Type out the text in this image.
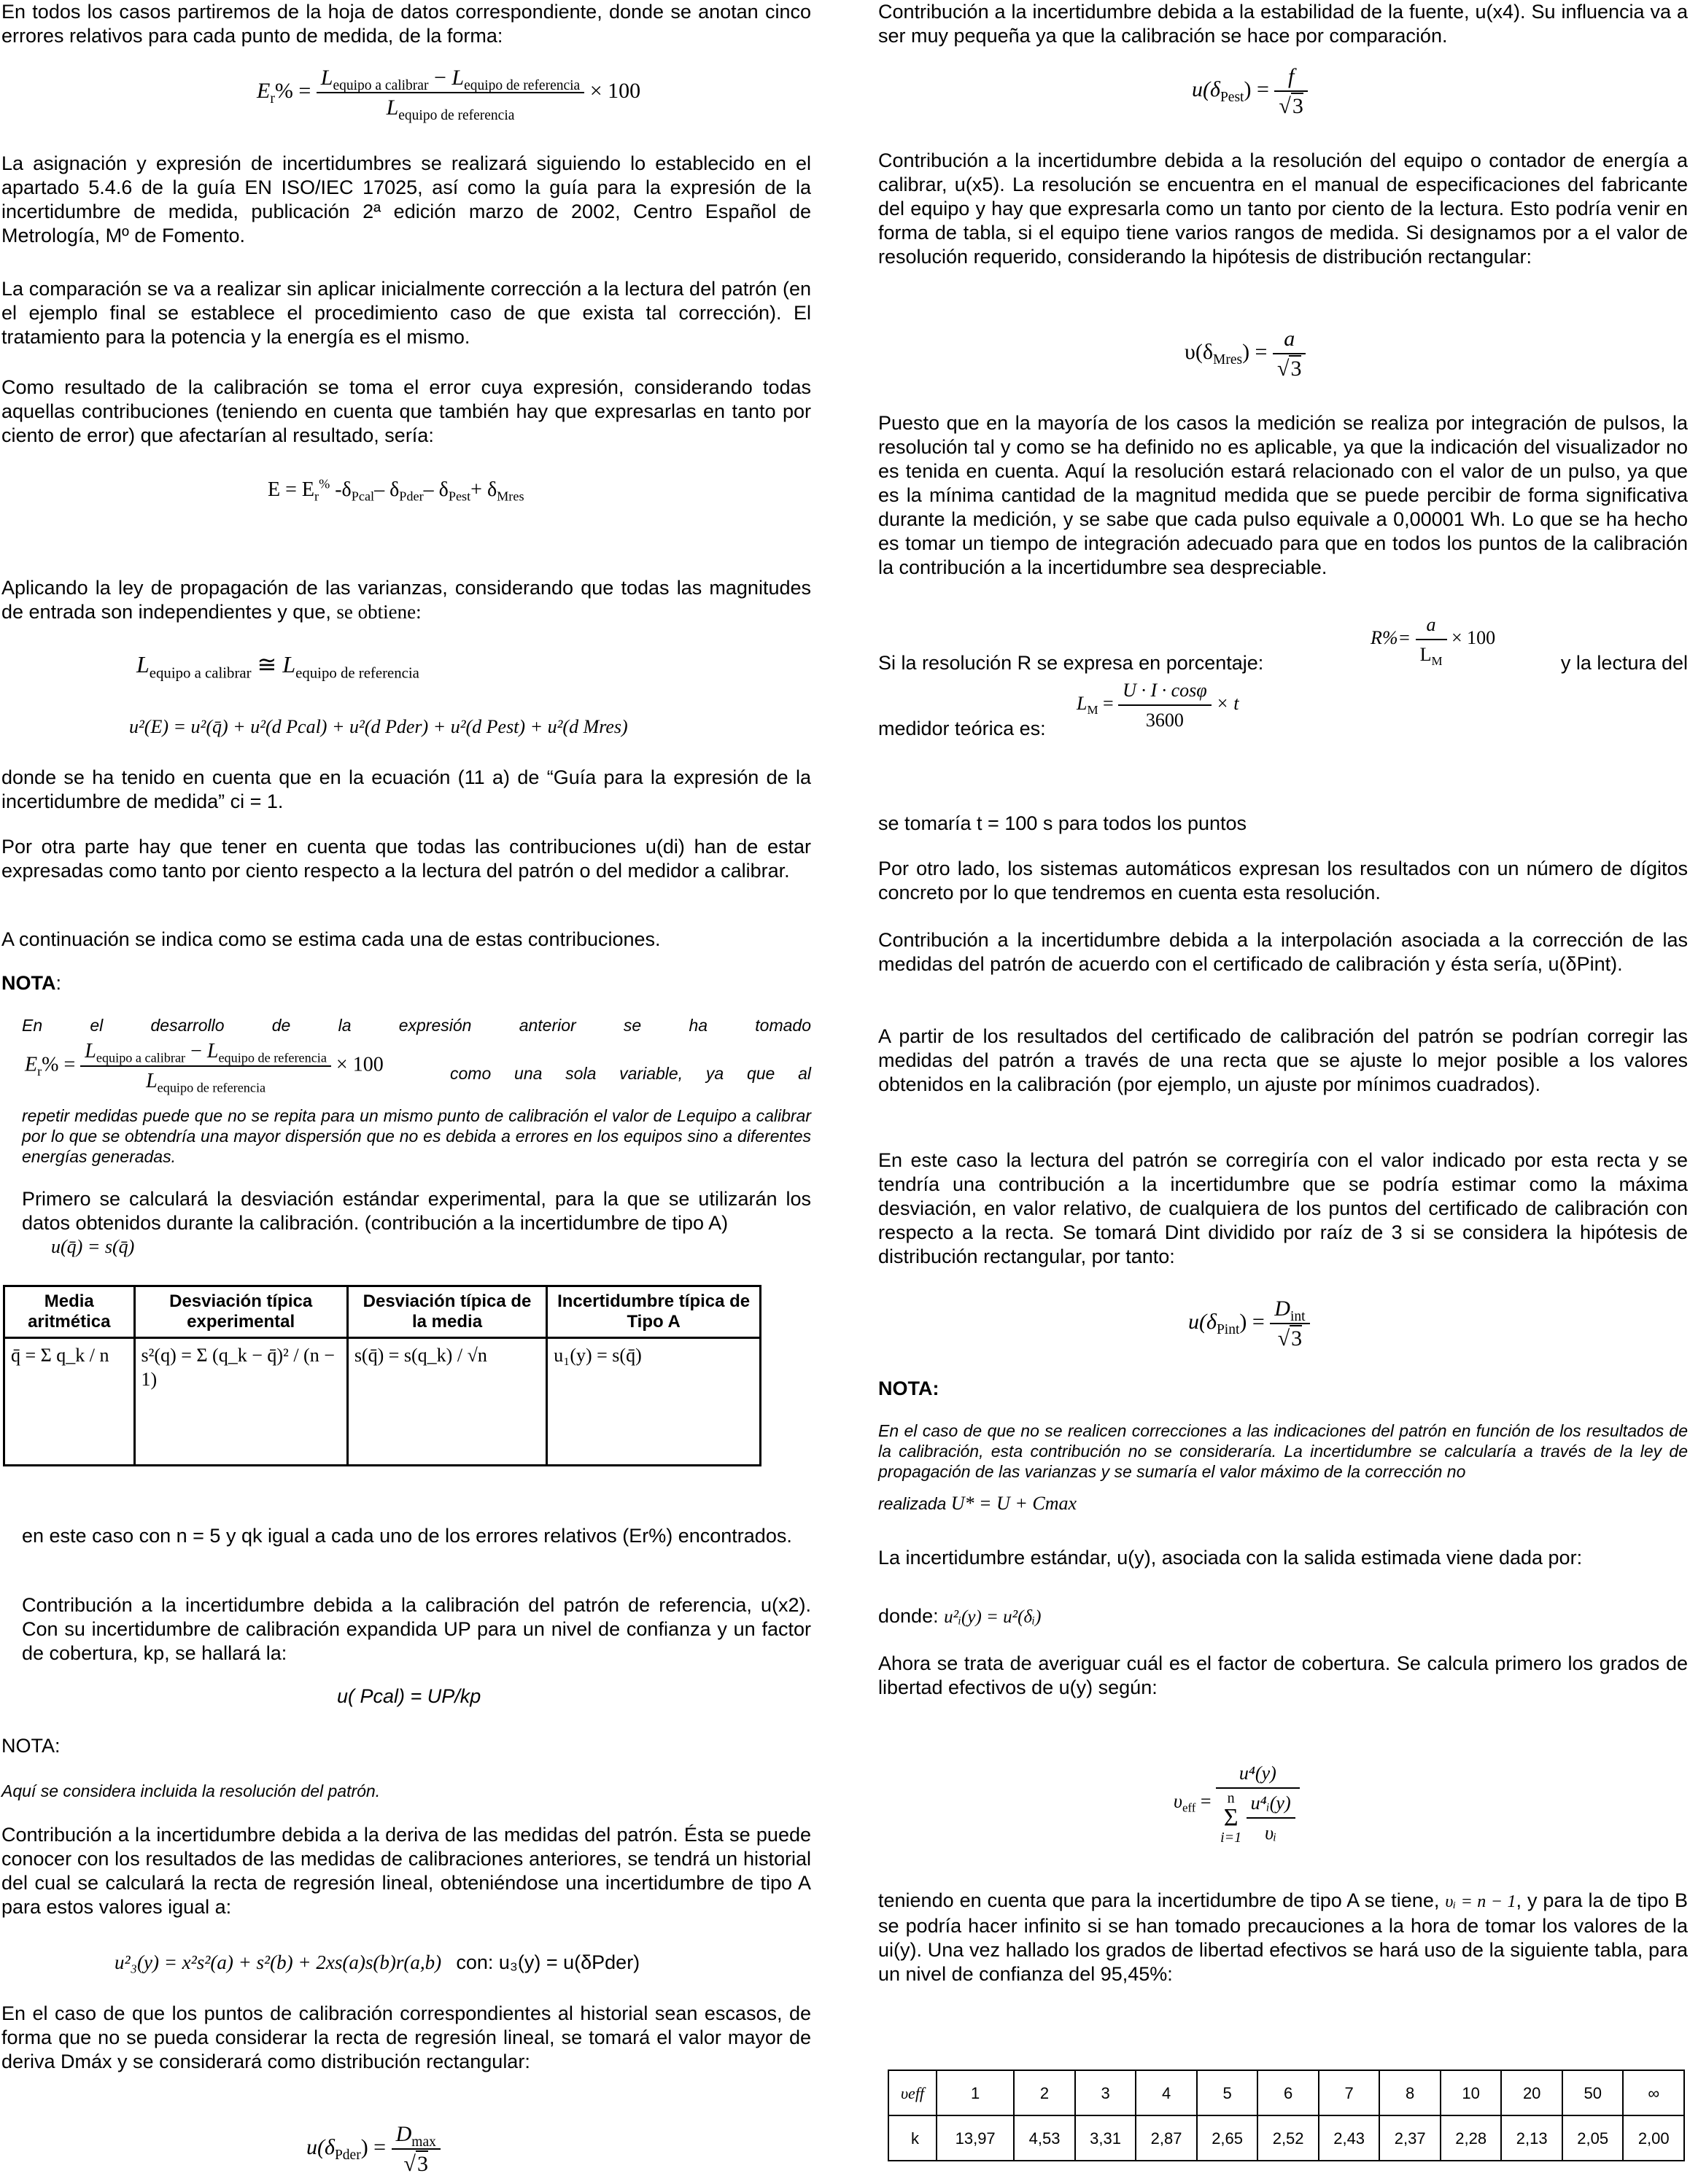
En todos los casos partiremos de la hoja de datos correspondiente, donde se anotan cinco errores relativos para cada punto de medida, de la forma:

$E_r\% = \frac{L_{equipo a calibrar} - L_{equipo de referencia}}{L_{equipo de referencia}} \times 100$

La asignación y expresión de incertidumbres se realizará siguiendo lo establecido en el apartado 5.4.6 de la guía EN ISO/IEC 17025, así como la guía para la expresión de la incertidumbre de medida, publicación 2ª edición marzo de 2002, Centro Español de Metrología, Mº de Fomento.

La comparación se va a realizar sin aplicar inicialmente corrección a la lectura del patrón (en el ejemplo final se establece el procedimiento caso de que exista tal corrección). El tratamiento para la potencia y la energía es el mismo.

Como resultado de la calibración se toma el error cuya expresión, considerando todas aquellas contribuciones (teniendo en cuenta que también hay que expresarlas en tanto por ciento de error) que afectarían al resultado, sería:

$E = E_r^{\%}$ $-\delta_{Pcal}-$ $\delta_{Pder}-$ $\delta_{Pest}+ \delta_{Mres}$

Aplicando la ley de propagación de las varianzas, considerando que todas las magnitudes de entrada son independientes y que, se obtiene:

$L_{equipo a calibrar}$ ≅ $L_{equipo de referencia}$
u²(E) = u²(q̄) + u²(d Pcal) + u²(d Pder) + u²(d Pest) + u²(d Mres)

donde se ha tenido en cuenta que en la ecuación (11 a) de “Guía para la expresión de la incertidumbre de medida” ci = 1.

Por otra parte hay que tener en cuenta que todas las contribuciones u(di) han de estar expresadas como tanto por ciento respecto a la lectura del patrón o del medidor a calibrar.

A continuación se indica como se estima cada una de estas contribuciones.

NOTA:

En el desarrollo de la expresión anterior se ha tomado

$E_r\% = \frac{L_{equipo a calibrar} - L_{equipo de referencia}}{L_{equipo de referencia}} \times 100$	como una sola variable, ya que al

repetir medidas puede que no se repita para un mismo punto de calibración el valor de Lequipo a calibrar por lo que se obtendría una mayor dispersión que no es debida a errores en los equipos sino a diferentes energías generadas.

Primero se calculará la desviación estándar experimental, para la que se utilizarán los datos obtenidos durante la calibración. (contribución a la incertidumbre de tipo A)

u(q̄) = s(q̄)
Media aritmética	Desviación típica experimental	Desviación típica de la media	Incertidumbre típica de Tipo A
q̄ = Σ q_k / n	s²(q) = Σ (q_k − q̄)² / (n − 1)	s(q̄) = s(q_k) / √n	u₁(y) = s(q̄)

en este caso con n = 5 y qk igual a cada uno de los errores relativos (Er%) encontrados.

Contribución a la incertidumbre debida a la calibración del patrón de referencia, u(x2). Con su incertidumbre de calibración expandida UP para un nivel de confianza y un factor de cobertura, kp, se hallará la:

u( Pcal) = UP/kp
NOTA:

Aquí se considera incluida la resolución del patrón.

Contribución a la incertidumbre debida a la deriva de las medidas del patrón. Ésta se puede conocer con los resultados de las medidas de calibraciones anteriores, se tendrá un historial del cual se calculará la recta de regresión lineal, obteniéndose una incertidumbre de tipo A para estos valores igual a:

u²₃(y) = x²s²(a) + s²(b) + 2xs(a)s(b)r(a,b) con: u₃(y) = u(δPder)

En el caso de que los puntos de calibración correspondientes al historial sean escasos, de forma que no se pueda considerar la recta de regresión lineal, se tomará el valor mayor de deriva Dmáx y se considerará como distribución rectangular:

$u(\delta_{Pder}) = \frac{D_{max}}{√3}$

Contribución a la incertidumbre debida a la estabilidad de la fuente, u(x4). Su influencia va a ser muy pequeña ya que la calibración se hace por comparación.

$u(\delta_{Pest}) = \frac{f}{√3}$

Contribución a la incertidumbre debida a la resolución del equipo o contador de energía a calibrar, u(x5). La resolución se encuentra en el manual de especificaciones del fabricante del equipo y hay que expresarla como un tanto por ciento de la lectura. Esto podría venir en forma de tabla, si el equipo tiene varios rangos de medida. Si designamos por a el valor de resolución requerido, considerando la hipótesis de distribución rectangular:

$\upsilon(\delta_{Mres}) = \frac{a}{√3}$

Puesto que en la mayoría de los casos la medición se realiza por integración de pulsos, la resolución tal y como se ha definido no es aplicable, ya que la indicación del visualizador no es tenida en cuenta. Aquí la resolución estará relacionado con el valor de un pulso, ya que es la mínima cantidad de la magnitud medida que se puede percibir de forma significativa durante la medición, y se sabe que cada pulso equivale a 0,00001 Wh. Lo que se ha hecho es tomar un tiempo de integración adecuado para que en todos los puntos de la calibración la contribución a la incertidumbre sea despreciable.

$R\%= \frac{a}{L_M} \times 100$

Si la resolución R se expresa en porcentaje:	y la lectura del

$L_M = \frac{U \cdot I \cdot \cos\varphi}{3600} \times t$

medidor teórica es:

se tomaría t = 100 s para todos los puntos

Por otro lado, los sistemas automáticos expresan los resultados con un número de dígitos concreto por lo que tendremos en cuenta esta resolución.

Contribución a la incertidumbre debida a la interpolación asociada a la corrección de las medidas del patrón de acuerdo con el certificado de calibración y ésta sería, u(δPint).

A partir de los resultados del certificado de calibración del patrón se podrían corregir las medidas del patrón a través de una recta que se ajuste lo mejor posible a los valores obtenidos en la calibración (por ejemplo, un ajuste por mínimos cuadrados).

En este caso la lectura del patrón se corregiría con el valor indicado por esta recta y se tendría una contribución a la incertidumbre que se podría estimar como la máxima desviación, en valor relativo, de cualquiera de los puntos del certificado de calibración con respecto a la recta. Se tomará Dint dividido por raíz de 3 si se considera la hipótesis de distribución rectangular, por tanto:

$u(\delta_{Pint}) = \frac{D_{int}}{√3}$
NOTA:

En el caso de que no se realicen correcciones a las indicaciones del patrón en función de los resultados de la calibración, esta contribución no se consideraría. La incertidumbre se calcularía a través de la ley de propagación de las varianzas y se sumaría el valor máximo de la corrección no

realizada U* = U + Cmax

La incertidumbre estándar, u(y), asociada con la salida estimada viene dada por:

donde: u²ᵢ(y) = u²(δᵢ)

Ahora se trata de averiguar cuál es el factor de cobertura. Se calcula primero los grados de libertad efectivos de u(y) según:

$\upsilon_{eff}$ =
u⁴(y)
n
Σ
$i=1 \frac{\text{u⁴ᵢ(y)}}{\text{υᵢ}}$

teniendo en cuenta que para la incertidumbre de tipo A se tiene, υᵢ = n − 1, y para la de tipo B se podría hacer infinito si se han tomado precauciones a la hora de tomar los valores de la ui(y). Una vez hallado los grados de libertad efectivos se hará uso de la siguiente tabla, para un nivel de confianza del 95,45%:

υeff	1	2	3	4	5	6	7	8	10	20	50	∞
k	13,97	4,53	3,31	2,87	2,65	2,52	2,43	2,37	2,28	2,13	2,05	2,00
